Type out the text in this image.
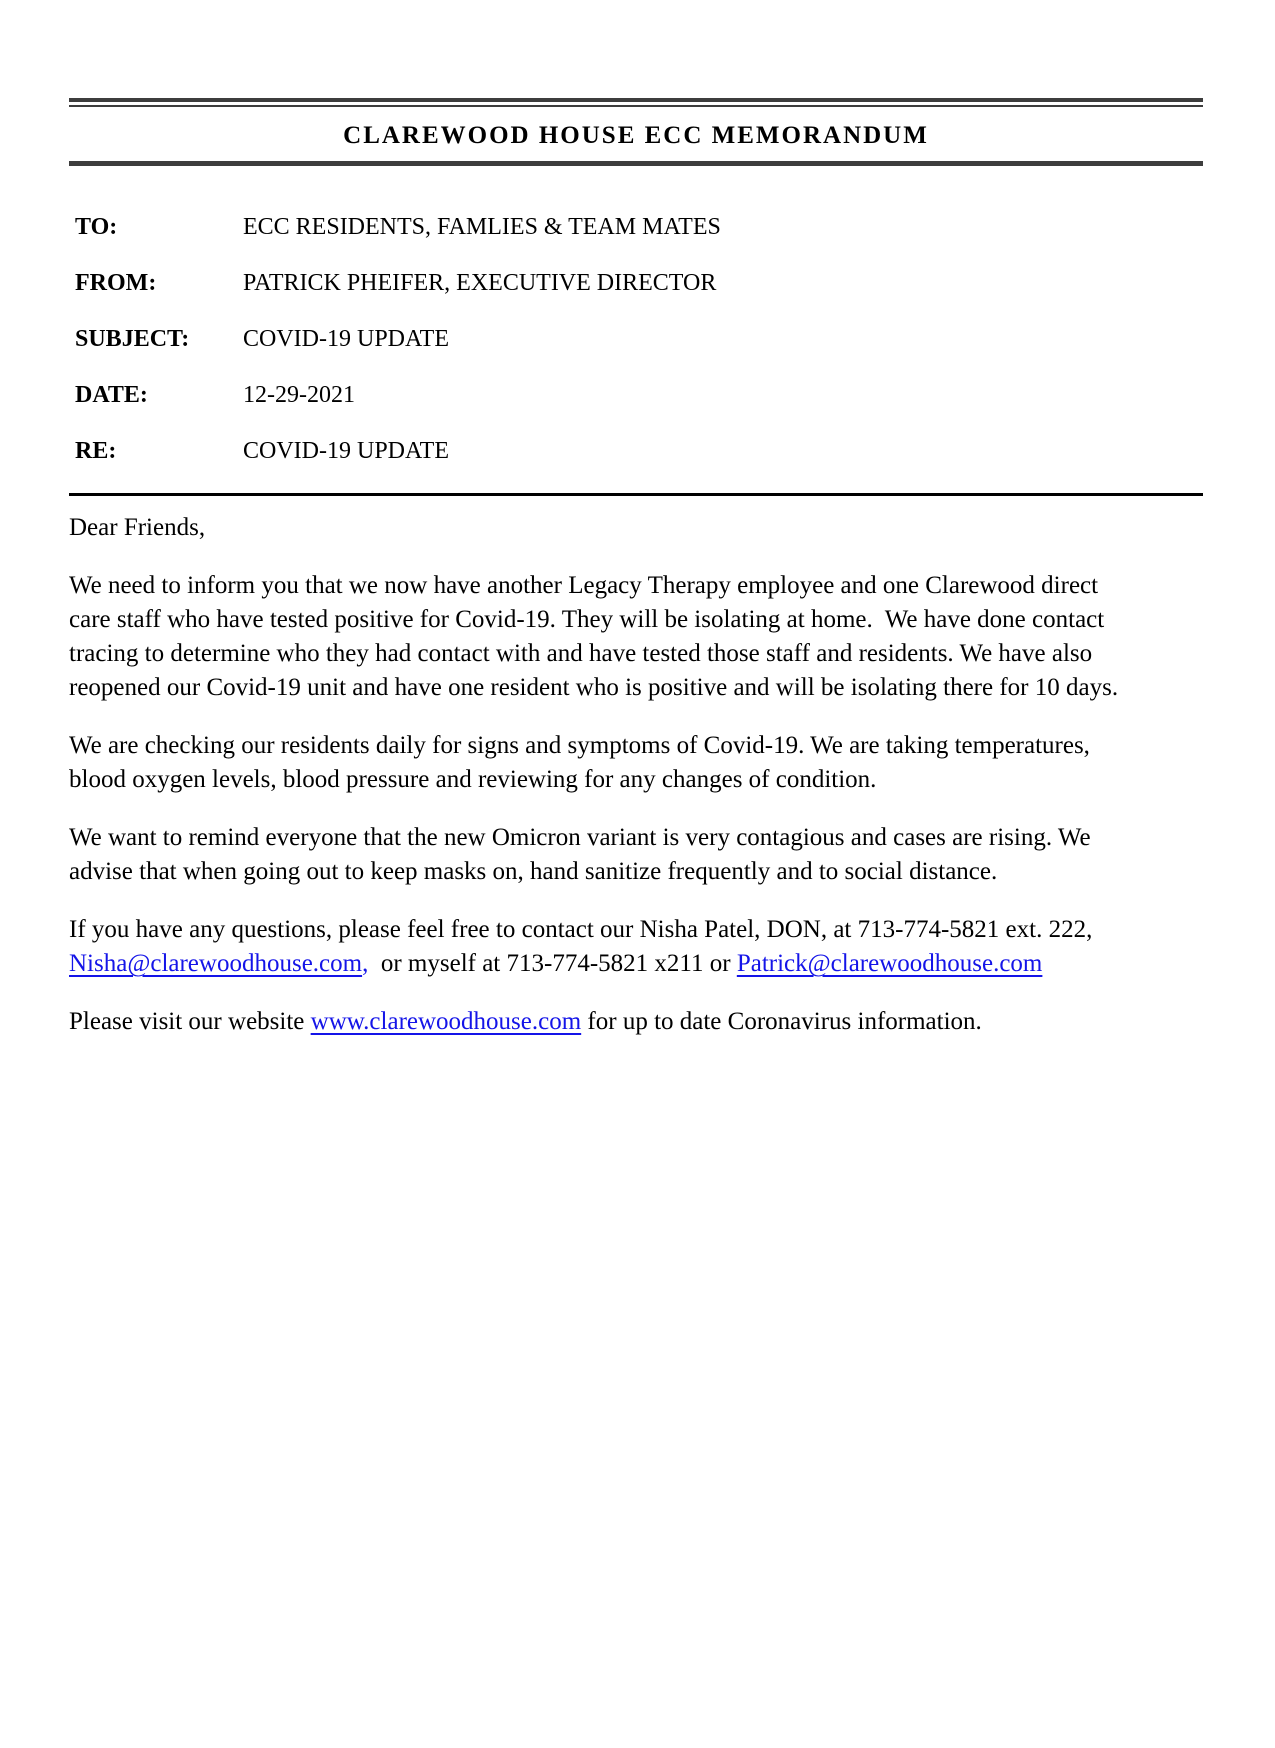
CLAREWOOD HOUSE ECC MEMORANDUM
TO:	ECC RESIDENTS, FAMLIES & TEAM MATES
FROM:	PATRICK PHEIFER, EXECUTIVE DIRECTOR
SUBJECT:	COVID-19 UPDATE
DATE:	12-29-2021
RE:	COVID-19 UPDATE

Dear Friends,

We need to inform you that we now have another Legacy Therapy employee and one Clarewood direct care staff who have tested positive for Covid-19. They will be isolating at home.  We have done contact tracing to determine who they had contact with and have tested those staff and residents. We have also reopened our Covid-19 unit and have one resident who is positive and will be isolating there for 10 days.

We are checking our residents daily for signs and symptoms of Covid-19. We are taking temperatures, blood oxygen levels, blood pressure and reviewing for any changes of condition.

We want to remind everyone that the new Omicron variant is very contagious and cases are rising. We advise that when going out to keep masks on, hand sanitize frequently and to social distance.

If you have any questions, please feel free to contact our Nisha Patel, DON, at 713-774-5821 ext. 222, Nisha@clarewoodhouse.com,  or myself at 713-774-5821 x211 or Patrick@clarewoodhouse.com

Please visit our website www.clarewoodhouse.com for up to date Coronavirus information.
